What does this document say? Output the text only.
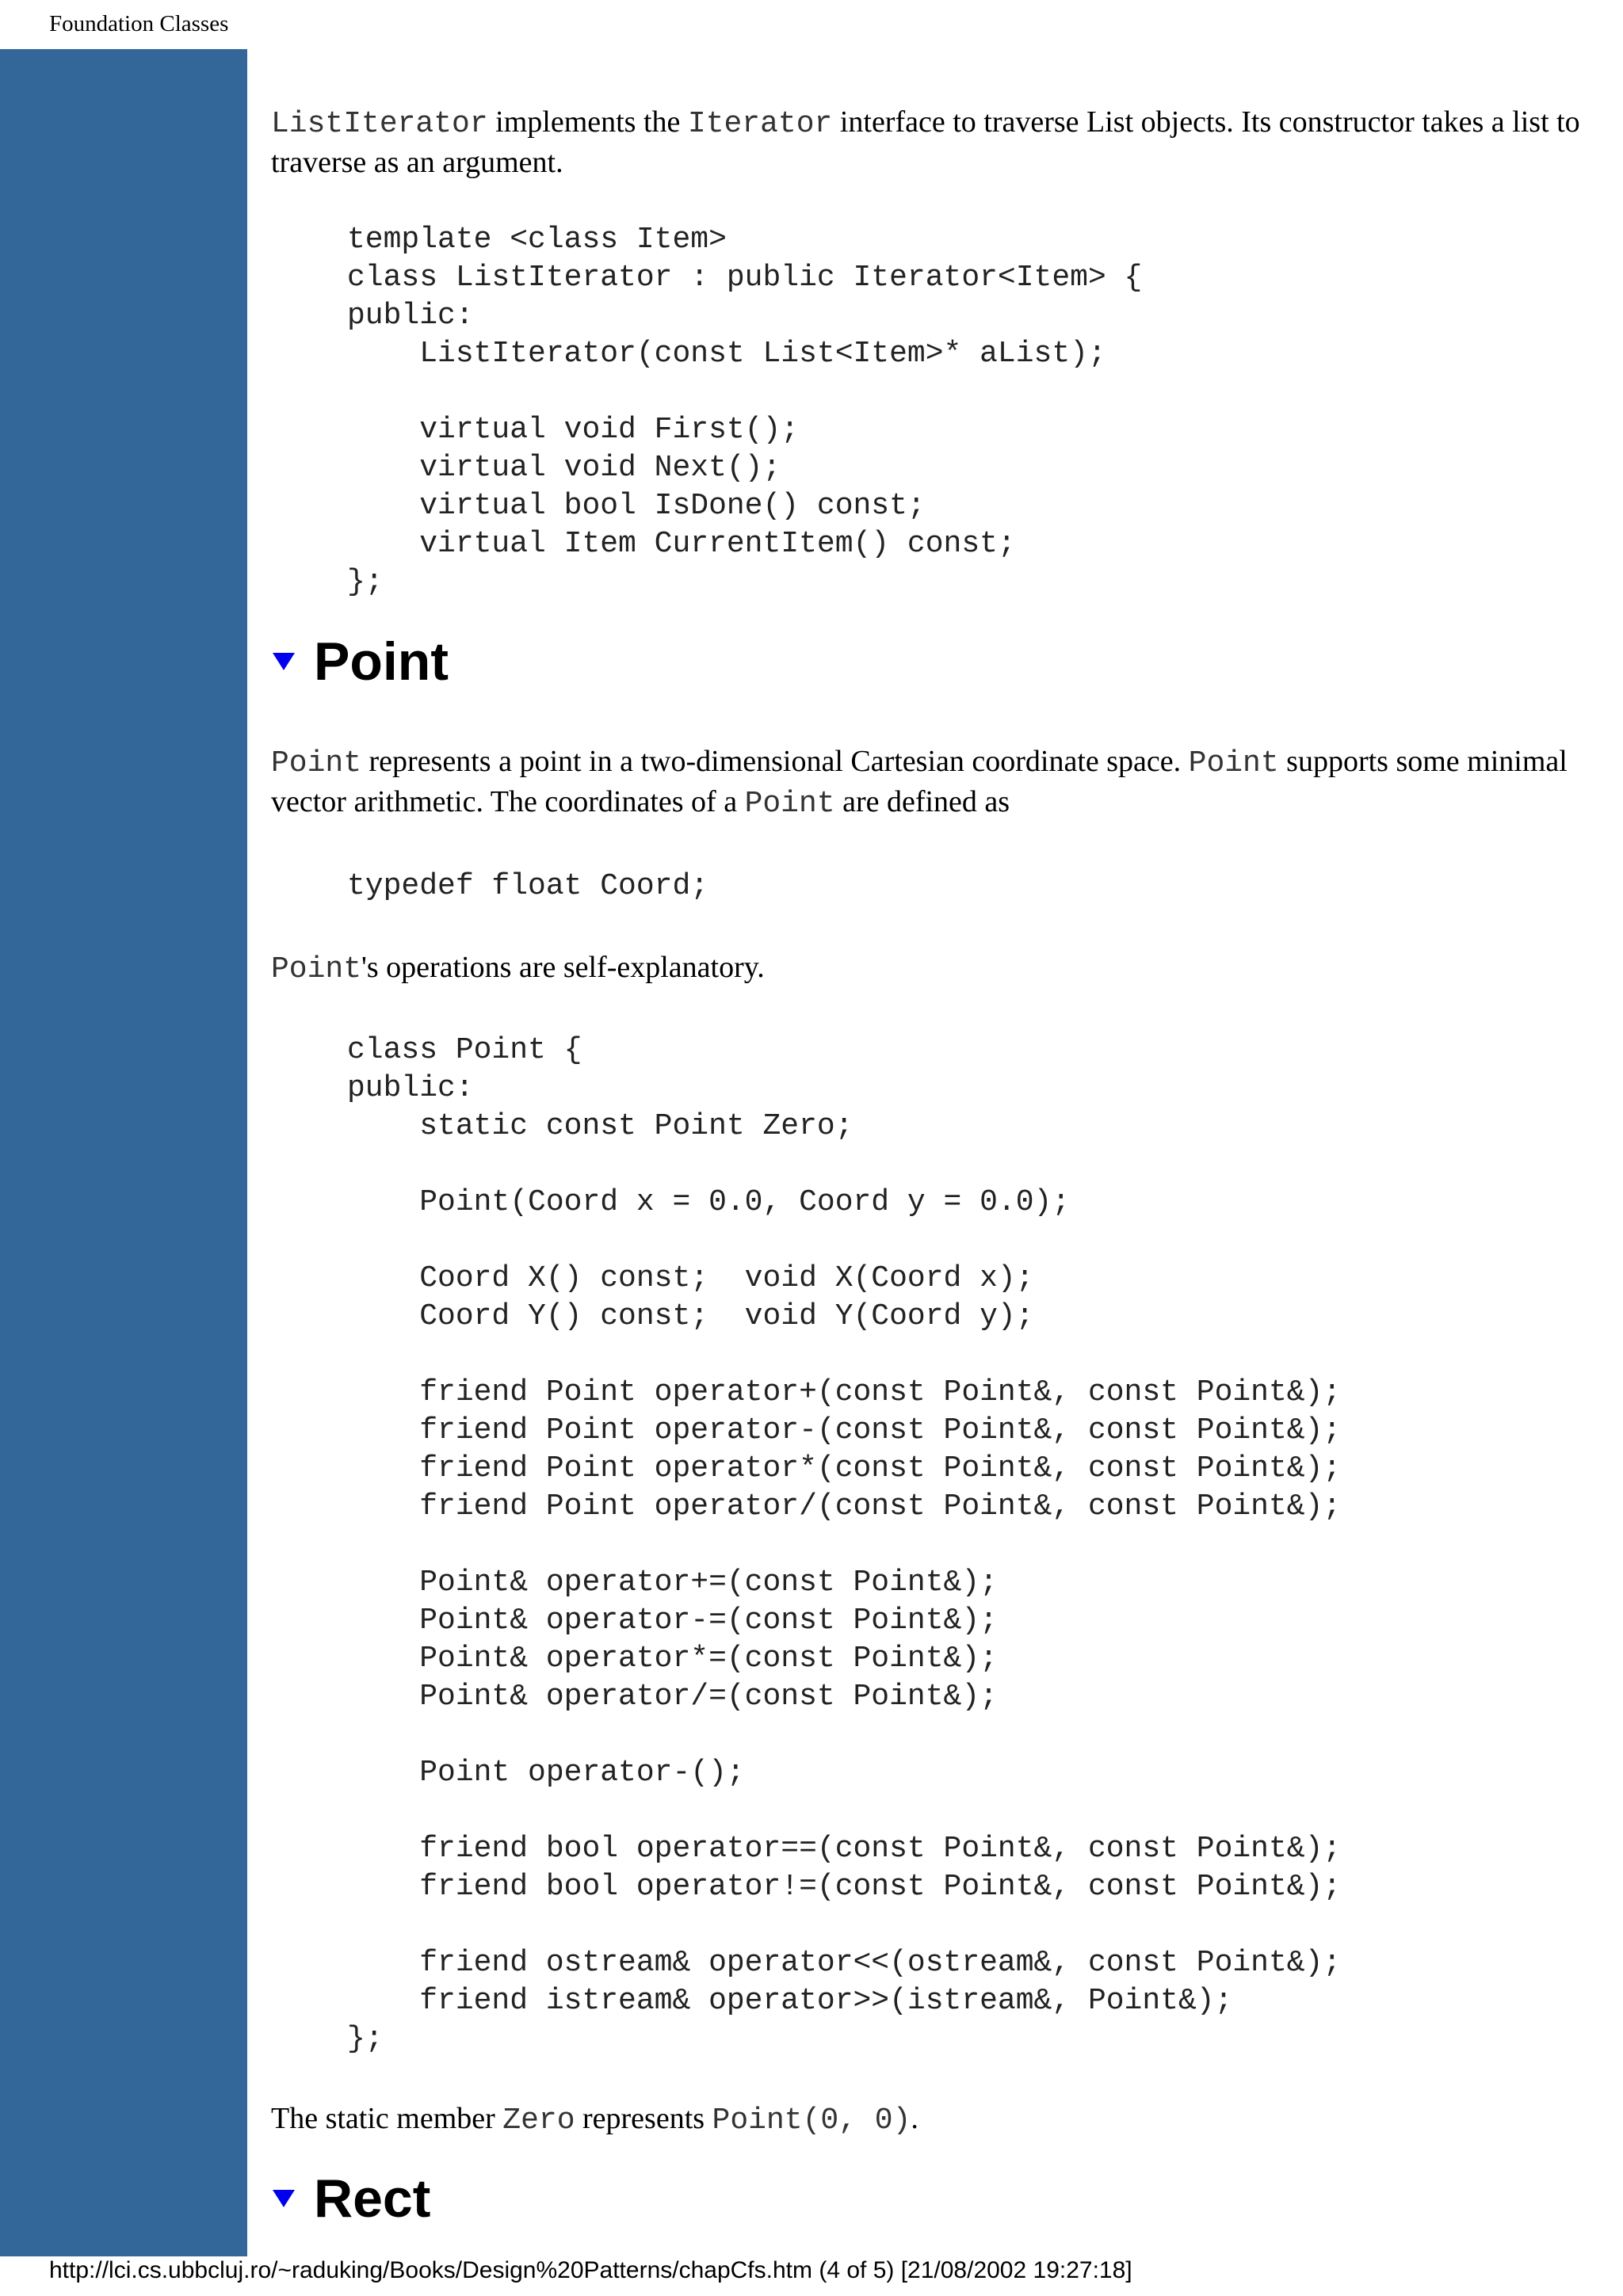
Foundation Classes

ListIterator implements the Iterator interface to traverse List objects. Its constructor takes a list to traverse as an argument.

template <class Item>
class ListIterator : public Iterator<Item> {
public:
ListIterator(const List<Item>* aList);

virtual void First();
virtual void Next();
virtual bool IsDone() const;
virtual Item CurrentItem() const;
};
Point

Point represents a point in a two-dimensional Cartesian coordinate space. Point supports some minimal vector arithmetic. The coordinates of a Point are defined as

typedef float Coord;

Point's operations are self-explanatory.

class Point {
public:
static const Point Zero;

Point(Coord x = 0.0, Coord y = 0.0);

Coord X() const;  void X(Coord x);
Coord Y() const;  void Y(Coord y);

friend Point operator+(const Point&, const Point&);
friend Point operator-(const Point&, const Point&);
friend Point operator*(const Point&, const Point&);
friend Point operator/(const Point&, const Point&);

Point& operator+=(const Point&);
Point& operator-=(const Point&);
Point& operator*=(const Point&);
Point& operator/=(const Point&);

Point operator-();

friend bool operator==(const Point&, const Point&);
friend bool operator!=(const Point&, const Point&);

friend ostream& operator<<(ostream&, const Point&);
friend istream& operator>>(istream&, Point&);
};

The static member Zero represents Point(0, 0).

Rect
http://lci.cs.ubbcluj.ro/~raduking/Books/Design%20Patterns/chapCfs.htm (4 of 5) [21/08/2002 19:27:18]
